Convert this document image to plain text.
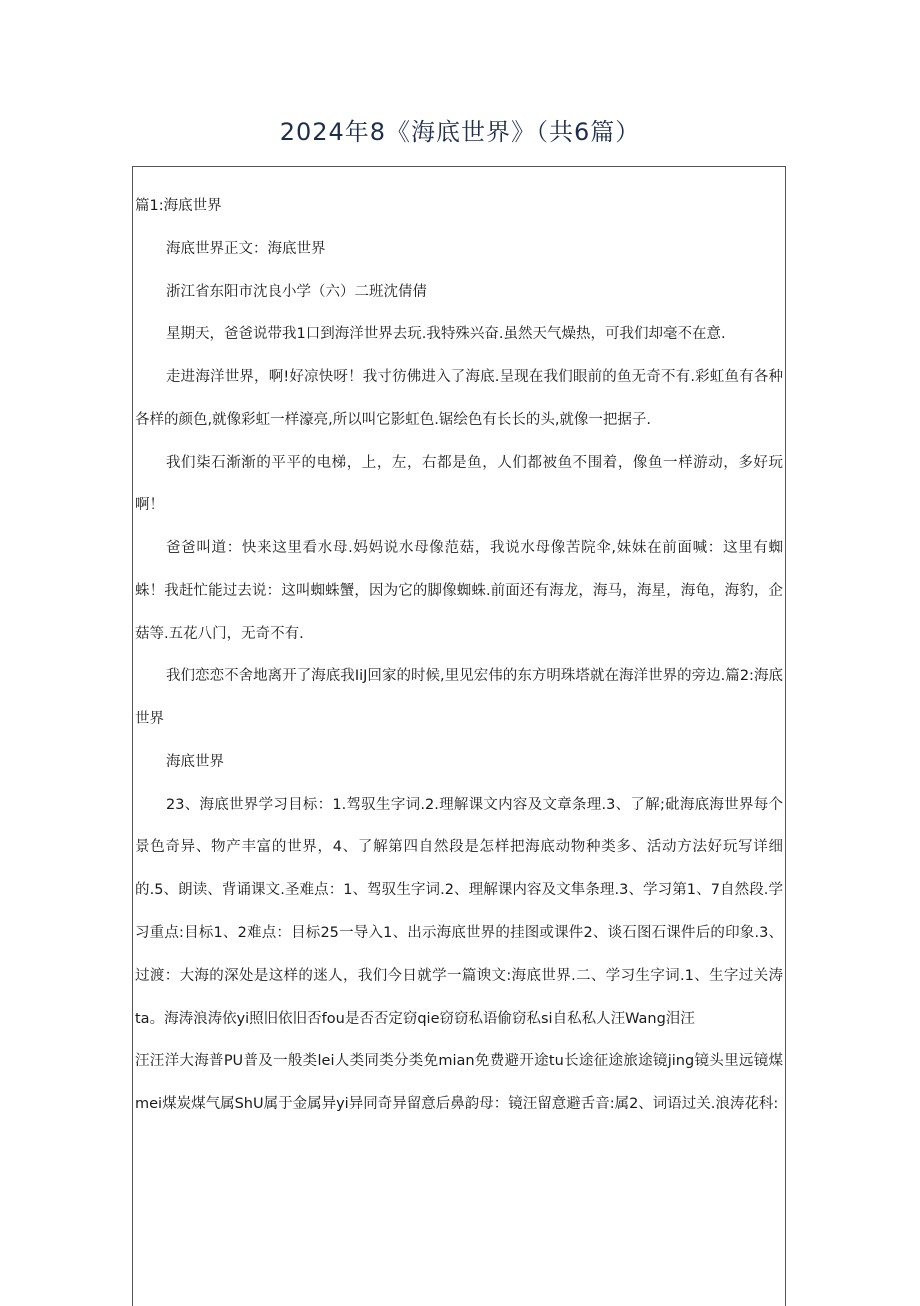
2024年8《海底世界》（共6篇）

篇1:海底世界

海底世界正文：海底世界

浙江省东阳市沈良小学（六）二班沈倩倩

星期天，爸爸说带我1口到海洋世界去玩.我特殊兴奋.虽然天气燥热，可我们却毫不在意.

走进海洋世界，啊!好凉快呀！我寸彷佛进入了海底.呈现在我们眼前的鱼无奇不有.彩虹鱼有各种各样的颜色,就像彩虹一样濠亮,所以叫它影虹色.锯绘色有长长的头,就像一把据子.

我们柒石渐渐的平平的电梯，上，左，右都是鱼，人们都被鱼不围着，像鱼一样游动，多好玩啊！

爸爸叫道：快来这里看水母.妈妈说水母像范菇，我说水母像苦院伞,妹妹在前面喊：这里有蜘蛛！我赶忙能过去说：这叫蜘蛛蟹，因为它的脚像蜘蛛.前面还有海龙，海马，海星，海龟，海豹，企菇等.五花八门，无奇不有.

我们恋恋不舍地离开了海底我IiJ回家的时候,里见宏伟的东方明珠塔就在海洋世界的旁边.篇2:海底世界

海底世界

23、海底世界学习目标：1.驾驭生字词.2.理解课文内容及文章条理.3、了解;砒海底海世界每个景色奇异、物产丰富的世界，4、了解第四自然段是怎样把海底动物种类多、活动方法好玩写详细的.5、朗读、背诵课文.圣难点：1、驾驭生字词.2、理解课内容及文隼条理.3、学习第1、7自然段.学习重点:目标1、2难点：目标25一导入1、出示海底世界的挂图或课件2、谈石图石课件后的印象.3、过渡：大海的深处是这样的迷人，我们今日就学一篇谀文:海底世界.二、学习生字词.1、生字过关涛ta。海涛浪涛依yi照旧依旧否fou是否否定窃qie窃窃私语偷窃私si自私私人汪Wang泪汪

汪汪洋大海普PU普及一般类lei人类同类分类免mian免费避开途tu长途征途旅途镜jing镜头里远镜煤mei煤炭煤气属ShU属于金属异yi异同奇异留意后鼻韵母：镜汪留意避舌音:属2、词语过关.浪涛花科:
